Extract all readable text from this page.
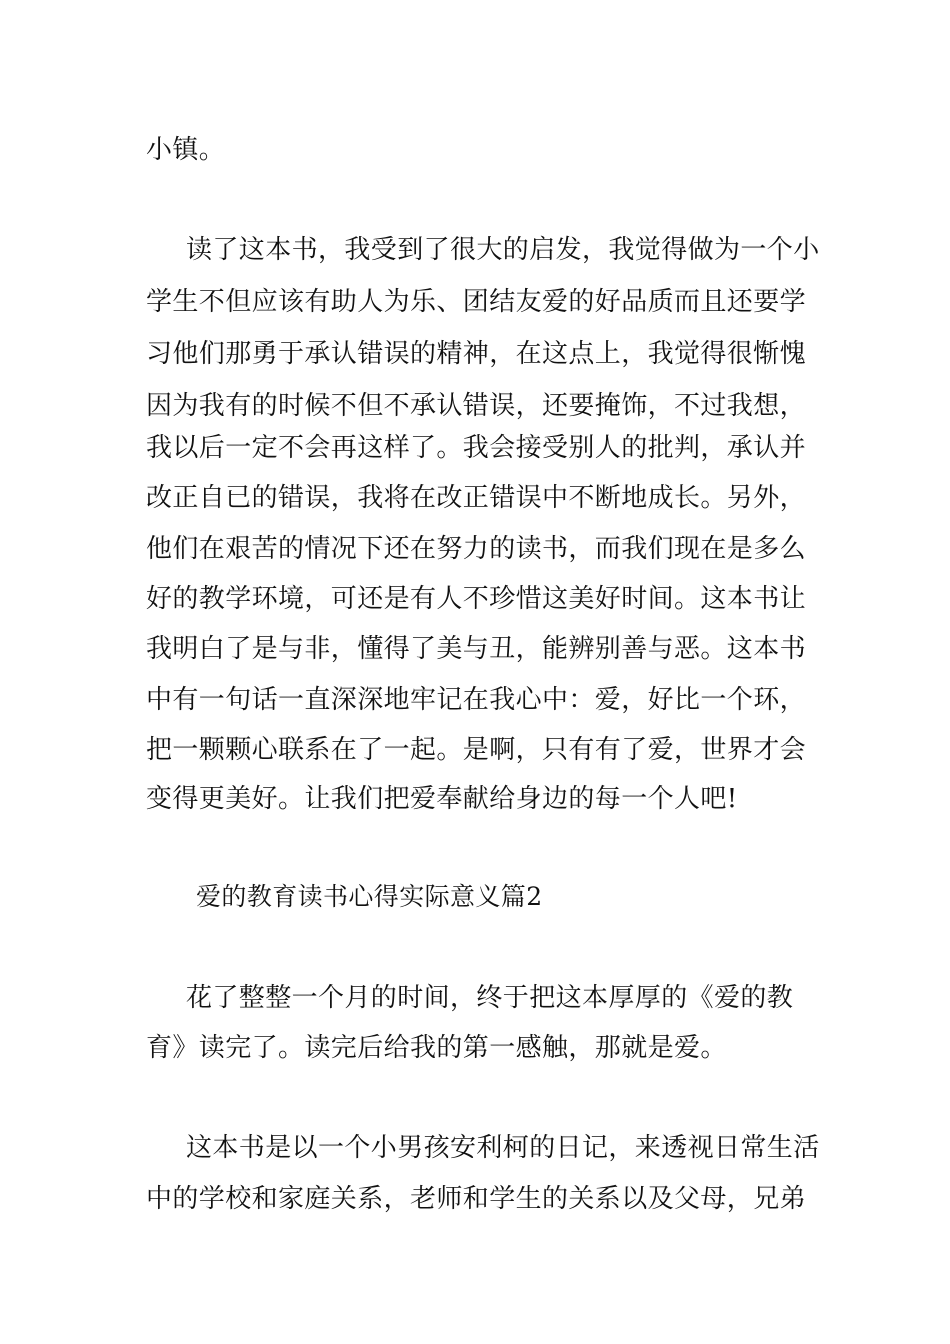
小镇。
读了这本书，我受到了很大的启发，我觉得做为一个小
学生不但应该有助人为乐、团结友爱的好品质而且还要学
习他们那勇于承认错误的精神，在这点上，我觉得很惭愧
因为我有的时候不但不承认错误，还要掩饰，不过我想，
我以后一定不会再这样了。我会接受别人的批判，承认并
改正自已的错误，我将在改正错误中不断地成长。另外，
他们在艰苦的情况下还在努力的读书，而我们现在是多么
好的教学环境，可还是有人不珍惜这美好时间。这本书让
我明白了是与非，懂得了美与丑，能辨别善与恶。这本书
中有一句话一直深深地牢记在我心中：爱，好比一个环，
把一颗颗心联系在了一起。是啊，只有有了爱，世界才会
变得更美好。让我们把爱奉献给身边的每一个人吧!
爱的教育读书心得实际意义篇2
花了整整一个月的时间，终于把这本厚厚的《爱的教
育》读完了。读完后给我的第一感触，那就是爱。
这本书是以一个小男孩安利柯的日记，来透视日常生活
中的学校和家庭关系，老师和学生的关系以及父母，兄弟
